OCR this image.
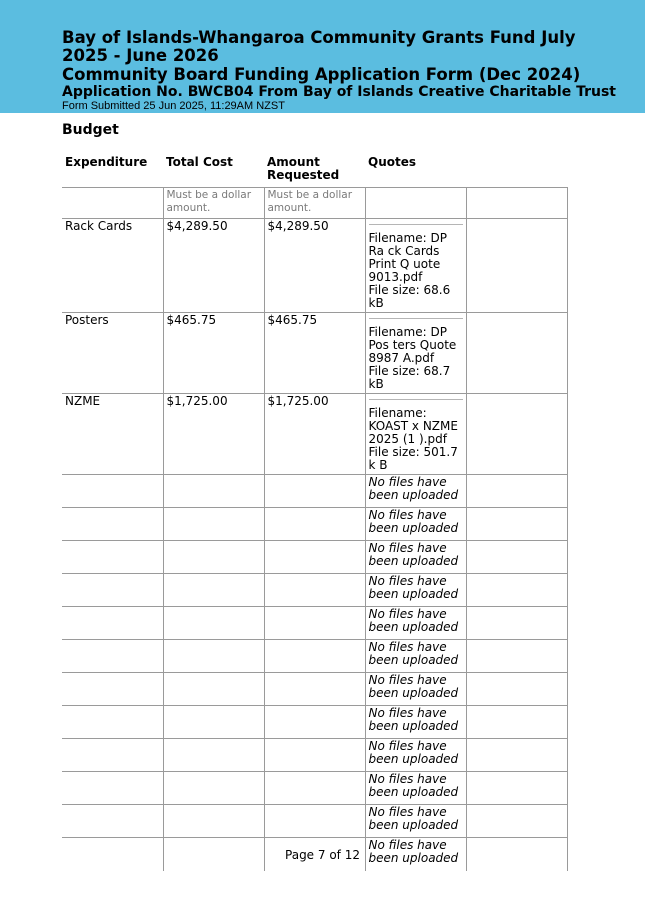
Bay of Islands-Whangaroa Community Grants Fund July 2025 - June 2026
Community Board Funding Application Form (Dec 2024)
Application No. BWCB04 From Bay of Islands Creative Charitable Trust
Form Submitted 25 Jun 2025, 11:29AM NZST
Budget
Expenditure	Total Cost	Amount Requested	Quotes	
	Must be a dollar amount.	Must be a dollar amount.		
Rack Cards	$4,289.50	$4,289.50	Filename: DP Ra ck Cards Print Q uote 9013.pdf
File size: 68.6 kB	

Posters	$465.75	$465.75	Filename: DP Pos ters Quote 8987 A.pdf
File size: 68.7 kB	

NZME	$1,725.00	$1,725.00	Filename: KOAST x NZME 2025 (1 ).pdf
File size: 501.7 k B	

			No files have been uploaded	
			No files have been uploaded	
			No files have been uploaded	
			No files have been uploaded	
			No files have been uploaded	
			No files have been uploaded	
			No files have been uploaded	
			No files have been uploaded	
			No files have been uploaded	
			No files have been uploaded	
			No files have been uploaded	
			No files have been uploaded	
Page 7 of 12
